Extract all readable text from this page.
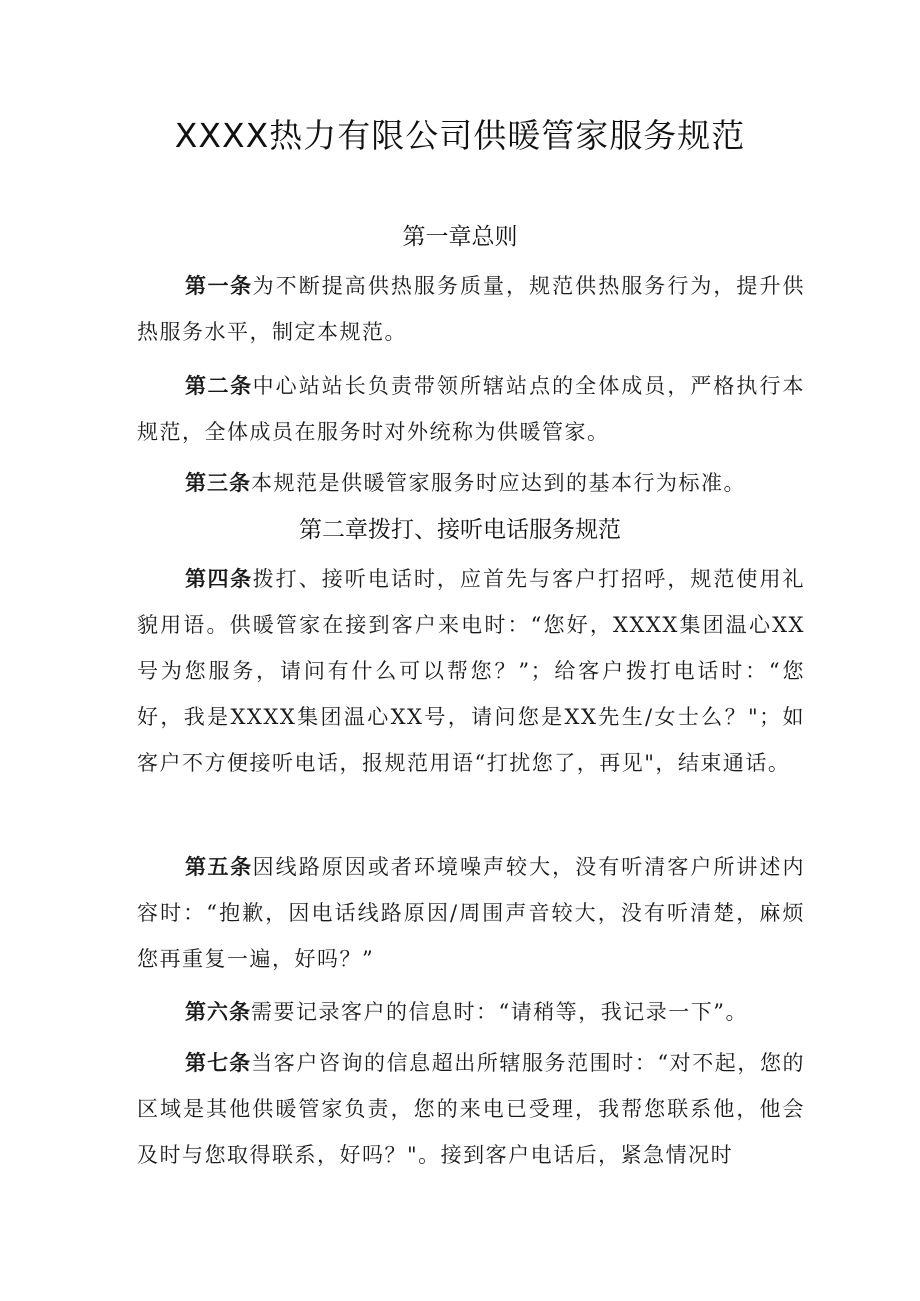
XXXX热力有限公司供暖管家服务规范
第一章总则

第一条为不断提高供热服务质量，规范供热服务行为，提升供热服务水平，制定本规范。

第二条中心站站长负责带领所辖站点的全体成员，严格执行本规范，全体成员在服务时对外统称为供暖管家。

第三条本规范是供暖管家服务时应达到的基本行为标准。

第二章拨打、接听电话服务规范

第四条拨打、接听电话时，应首先与客户打招呼，规范使用礼貌用语。供暖管家在接到客户来电时：“您好，XXXX集团温心XX号为您服务，请问有什么可以帮您？”；给客户拨打电话时：“您好，我是XXXX集团温心XX号，请问您是XX先生/女士么？"；如客户不方便接听电话，报规范用语“打扰您了，再见"，结束通话。

第五条因线路原因或者环境噪声较大，没有听清客户所讲述内容时：“抱歉，因电话线路原因/周围声音较大，没有听清楚，麻烦您再重复一遍，好吗？”

第六条需要记录客户的信息时：“请稍等，我记录一下”。

第七条当客户咨询的信息超出所辖服务范围时：“对不起，您的区域是其他供暖管家负责，您的来电已受理，我帮您联系他，他会及时与您取得联系，好吗？"。接到客户电话后，紧急情况时
